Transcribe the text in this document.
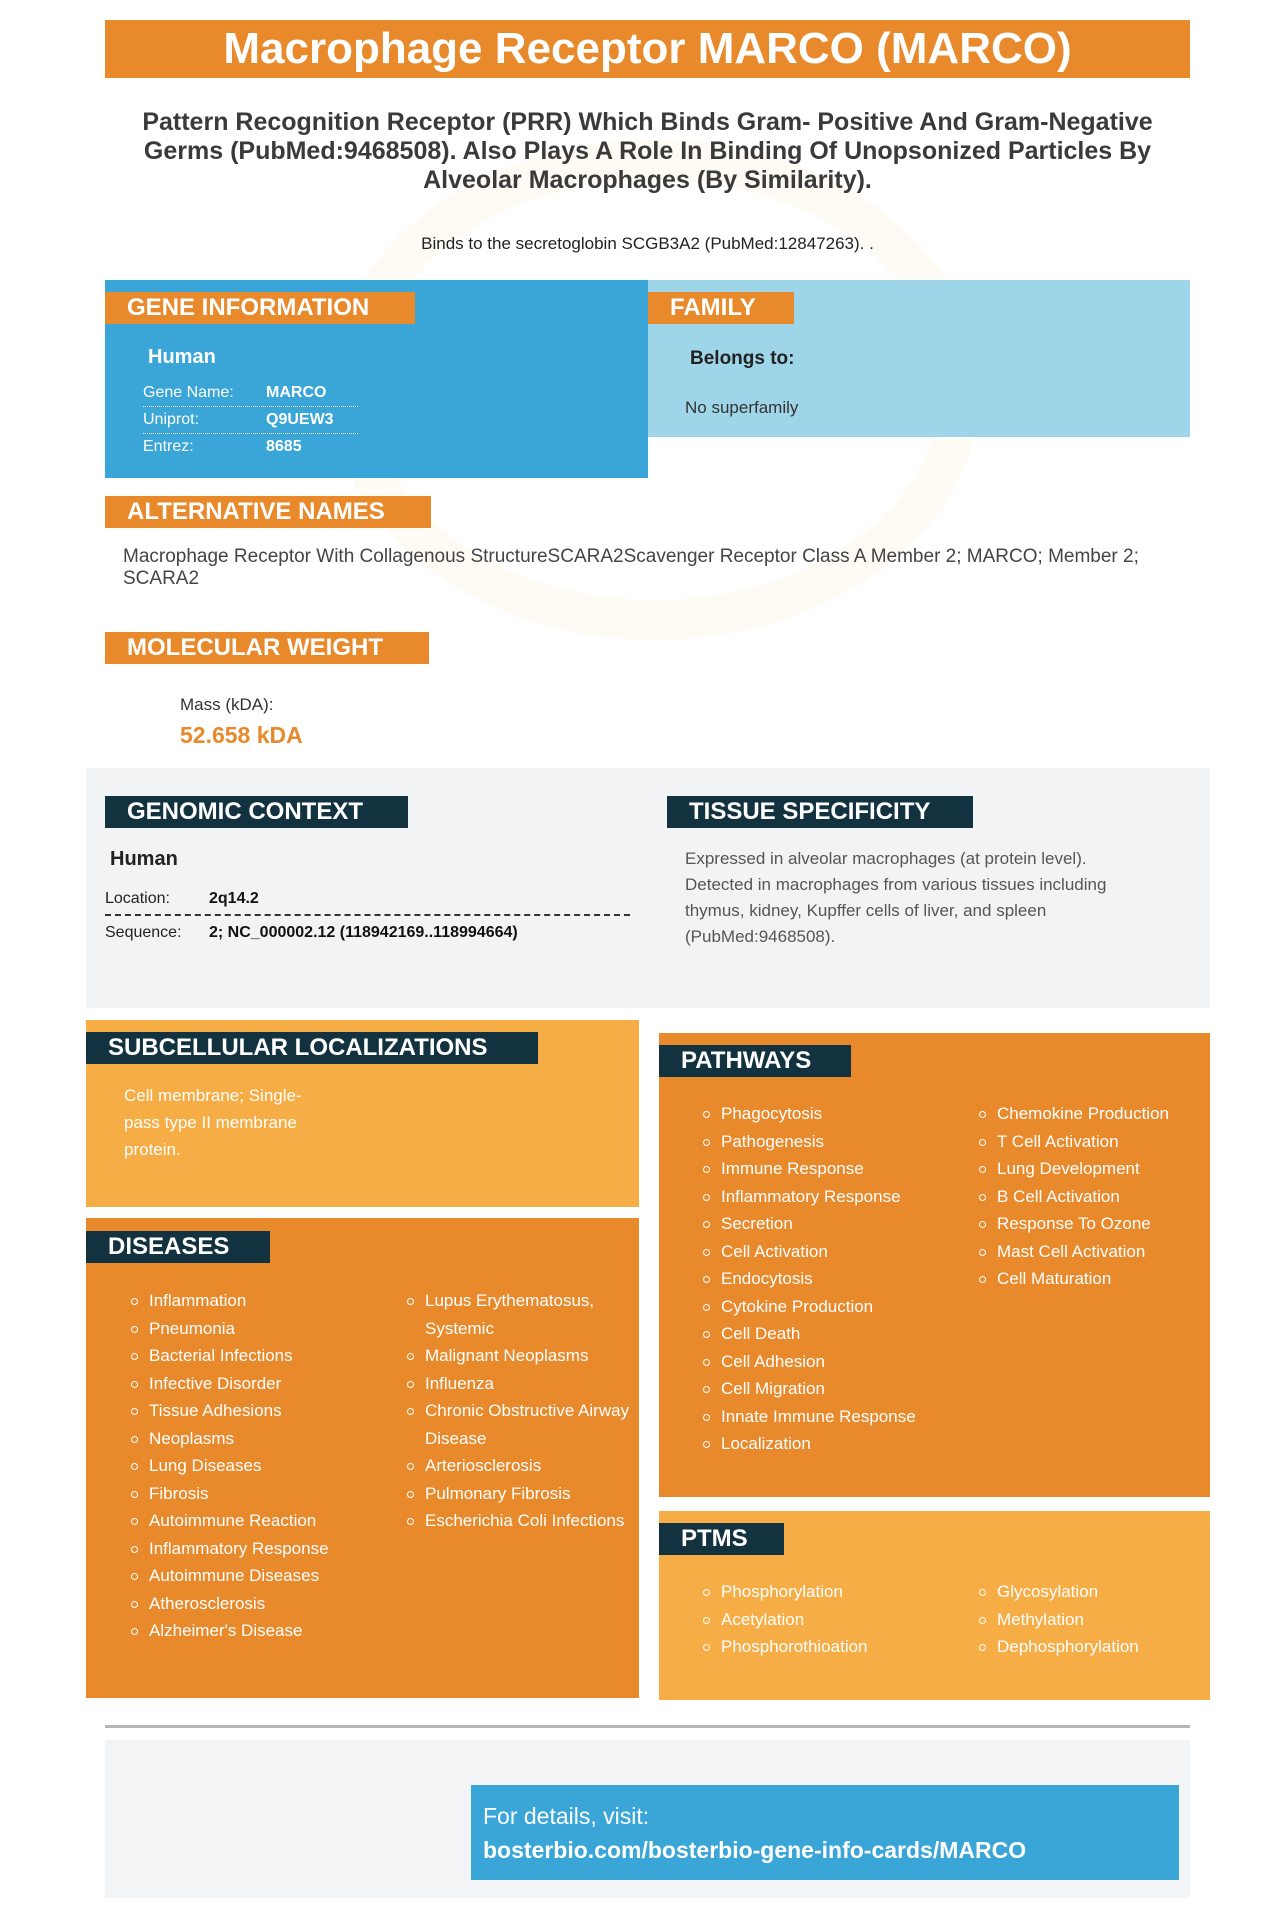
Macrophage Receptor MARCO (MARCO)
Pattern Recognition Receptor (PRR) Which Binds Gram- Positive And Gram-Negative Germs (PubMed:9468508). Also Plays A Role In Binding Of Unopsonized Particles By Alveolar Macrophages (By Similarity).
Binds to the secretoglobin SCGB3A2 (PubMed:12847263). .
GENE INFORMATION
Human
Gene Name: MARCO
Uniprot:	Q9UEW3
Entrez:	8685
FAMILY
Belongs to:
No superfamily
ALTERNATIVE NAMES
Macrophage Receptor With Collagenous StructureSCARA2Scavenger Receptor Class A Member 2; MARCO; Member 2; SCARA2
MOLECULAR WEIGHT
Mass (kDA):
52.658 kDA
GENOMIC CONTEXT
Human
Location: 2q14.2
Sequence: 2; NC_000002.12 (118942169..118994664)
TISSUE SPECIFICITY
Expressed in alveolar macrophages (at protein level). Detected in macrophages from various tissues including thymus, kidney, Kupffer cells of liver, and spleen (PubMed:9468508).
SUBCELLULAR LOCALIZATIONS
Cell membrane; Single-pass type II membrane protein.
DISEASES
Inflammation
Pneumonia
Bacterial Infections
Infective Disorder
Tissue Adhesions
Neoplasms
Lung Diseases
Fibrosis
Autoimmune Reaction
Inflammatory Response
Autoimmune Diseases
Atherosclerosis
Alzheimer's Disease
Lupus Erythematosus, Systemic
Malignant Neoplasms
Influenza
Chronic Obstructive Airway Disease
Arteriosclerosis
Pulmonary Fibrosis
Escherichia Coli Infections
PATHWAYS
Phagocytosis
Pathogenesis
Immune Response
Inflammatory Response
Secretion
Cell Activation
Endocytosis
Cytokine Production
Cell Death
Cell Adhesion
Cell Migration
Innate Immune Response
Localization
Chemokine Production
T Cell Activation
Lung Development
B Cell Activation
Response To Ozone
Mast Cell Activation
Cell Maturation
PTMS
Phosphorylation
Acetylation
Phosphorothioation
Glycosylation
Methylation
Dephosphorylation
For details, visit:
bosterbio.com/bosterbio-gene-info-cards/MARCO
